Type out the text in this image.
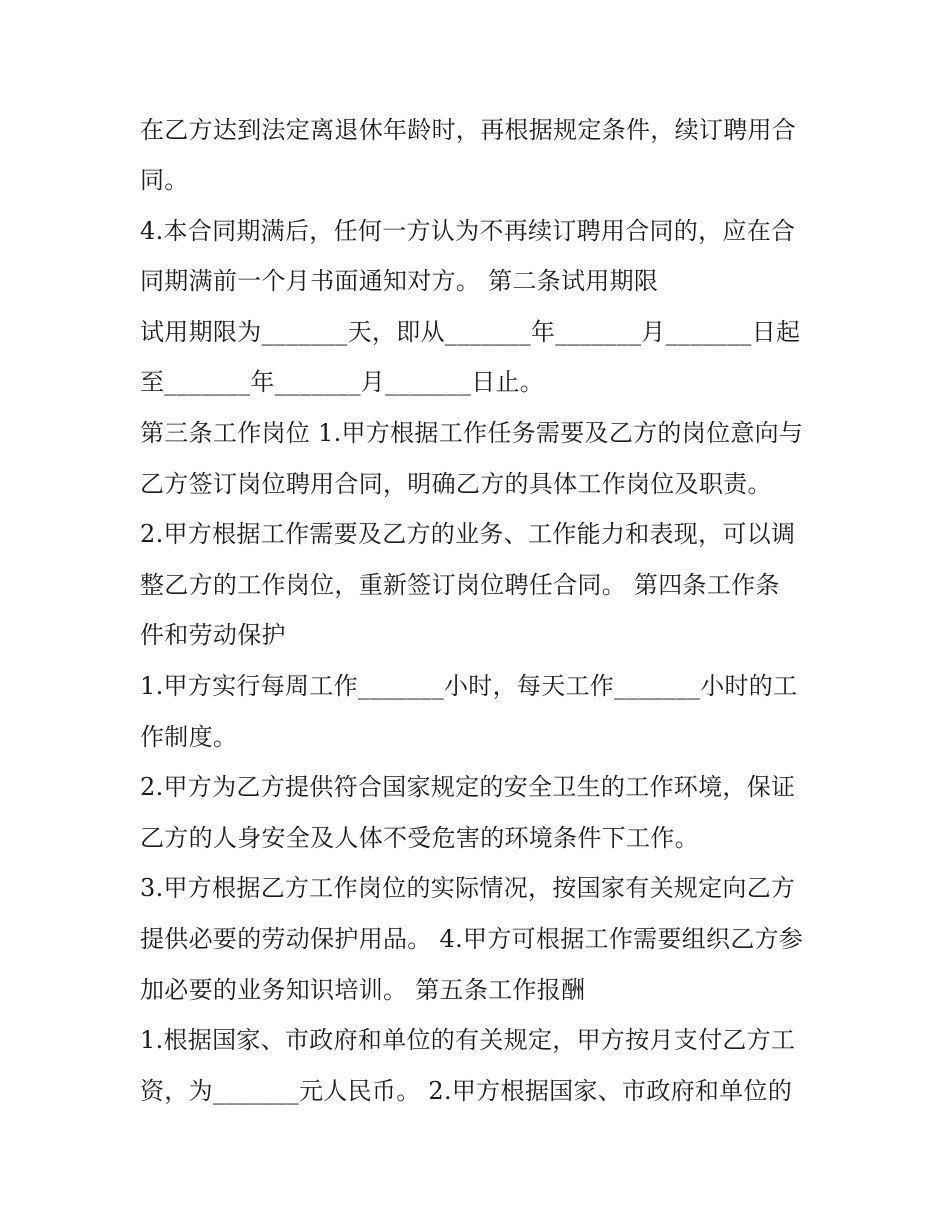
在乙方达到法定离退休年龄时，再根据规定条件，续订聘用合
同。
4.本合同期满后，任何一方认为不再续订聘用合同的，应在合
同期满前一个月书面通知对方。 第二条试用期限
试用期限为_______天，即从_______年_______月_______日起
至_______年_______月_______日止。
第三条工作岗位 1.甲方根据工作任务需要及乙方的岗位意向与
乙方签订岗位聘用合同，明确乙方的具体工作岗位及职责。
2.甲方根据工作需要及乙方的业务、工作能力和表现，可以调
整乙方的工作岗位，重新签订岗位聘任合同。 第四条工作条
件和劳动保护
1.甲方实行每周工作_______小时，每天工作_______小时的工
作制度。
2.甲方为乙方提供符合国家规定的安全卫生的工作环境，保证
乙方的人身安全及人体不受危害的环境条件下工作。
3.甲方根据乙方工作岗位的实际情况，按国家有关规定向乙方
提供必要的劳动保护用品。 4.甲方可根据工作需要组织乙方参
加必要的业务知识培训。 第五条工作报酬
1.根据国家、市政府和单位的有关规定，甲方按月支付乙方工
资，为_______元人民币。 2.甲方根据国家、市政府和单位的
